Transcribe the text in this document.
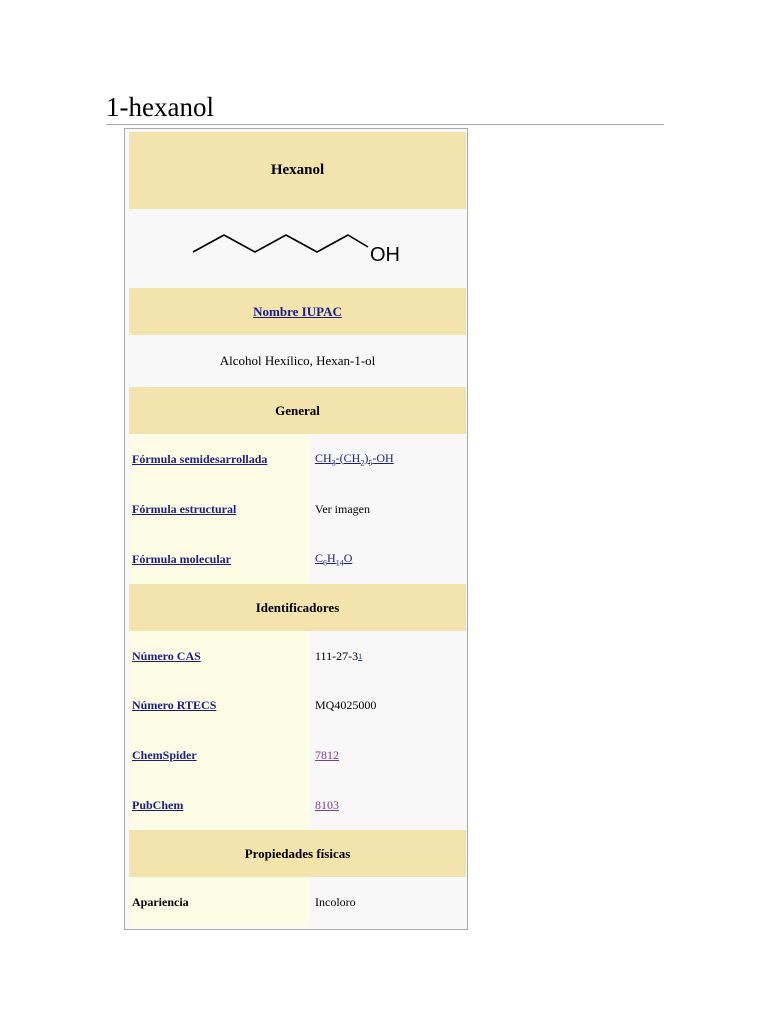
1-hexanol
Hexanol
OH
Nombre IUPAC
Alcohol Hexílico, Hexan-1-ol
General
Fórmula semidesarrollada	$CH_3-(CH_2)_5-OH$
Fórmula estructural	Ver imagen
Fórmula molecular	$C_6H_{14}O$
Identificadores
Número CAS	111-27-3 1
Número RTECS	MQ4025000
ChemSpider	7812
PubChem	8103
Propiedades físicas
Apariencia	Incoloro
